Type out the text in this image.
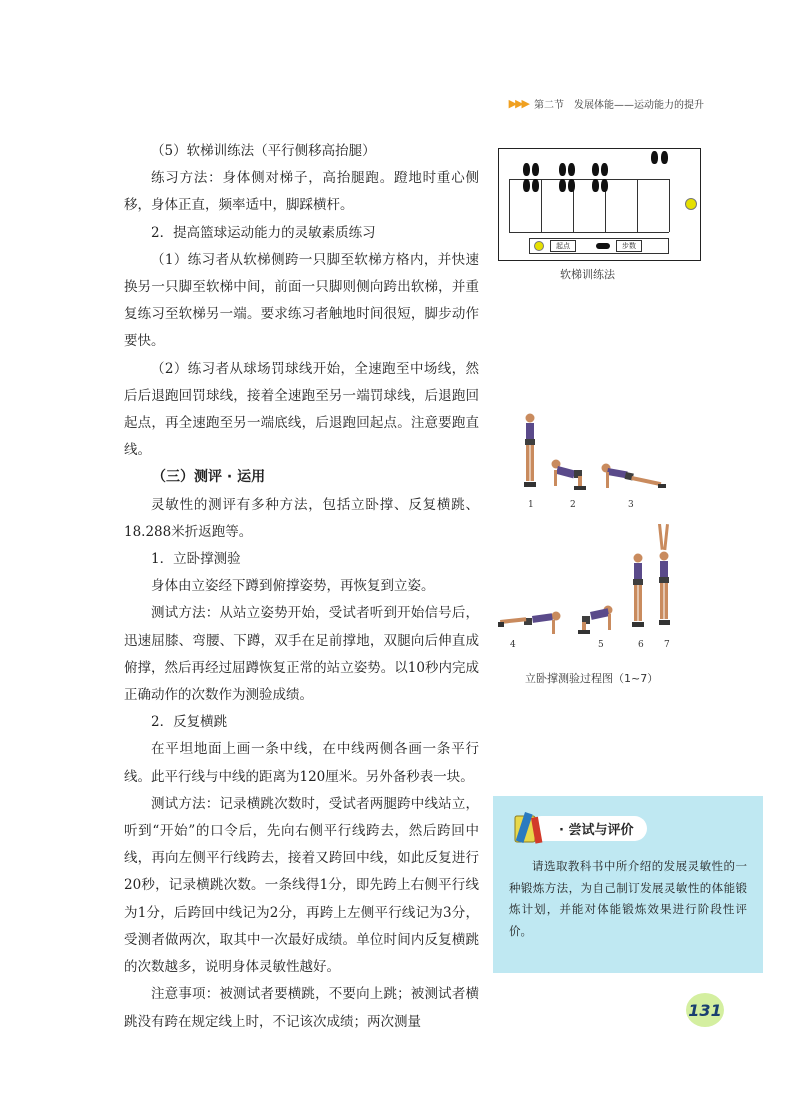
▶▶▶ 第二节　发展体能——运动能力的提升

（5）软梯训练法（平行侧移高抬腿）

练习方法：身体侧对梯子，高抬腿跑。蹬地时重心侧移，身体正直，频率适中，脚踩横杆。

2．提高篮球运动能力的灵敏素质练习

（1）练习者从软梯侧跨一只脚至软梯方格内，并快速换另一只脚至软梯中间，前面一只脚则侧向跨出软梯，并重复练习至软梯另一端。要求练习者触地时间很短，脚步动作要快。

（2）练习者从球场罚球线开始，全速跑至中场线，然后后退跑回罚球线，接着全速跑至另一端罚球线，后退跑回起点，再全速跑至另一端底线，后退跑回起点。注意要跑直线。

（三）测评 · 运用

灵敏性的测评有多种方法，包括立卧撑、反复横跳、18.288米折返跑等。

1．立卧撑测验

身体由立姿经下蹲到俯撑姿势，再恢复到立姿。

测试方法：从站立姿势开始，受试者听到开始信号后，迅速屈膝、弯腰、下蹲，双手在足前撑地，双腿向后伸直成俯撑，然后再经过屈蹲恢复正常的站立姿势。以10秒内完成正确动作的次数作为测验成绩。

2．反复横跳

在平坦地面上画一条中线，在中线两侧各画一条平行线。此平行线与中线的距离为120厘米。另外备秒表一块。

测试方法：记录横跳次数时，受试者两腿跨中线站立，听到“开始”的口令后，先向右侧平行线跨去，然后跨回中线，再向左侧平行线跨去，接着又跨回中线，如此反复进行20秒，记录横跳次数。一条线得1分，即先跨上右侧平行线为1分，后跨回中线记为2分，再跨上左侧平行线记为3分，受测者做两次，取其中一次最好成绩。单位时间内反复横跳的次数越多，说明身体灵敏性越好。

注意事项：被测试者要横跳，不要向上跳；被测试者横跳没有跨在规定线上时，不记该次成绩；两次测量

起点	步数
软梯训练法
1	2	3
4	5	6 7
立卧撑测验过程图（1~7）
· 尝试与评价
请选取教科书中所介绍的发展灵敏性的一种锻炼方法，为自己制订发展灵敏性的体能锻炼计划，并能对体能锻炼效果进行阶段性评价。
131
